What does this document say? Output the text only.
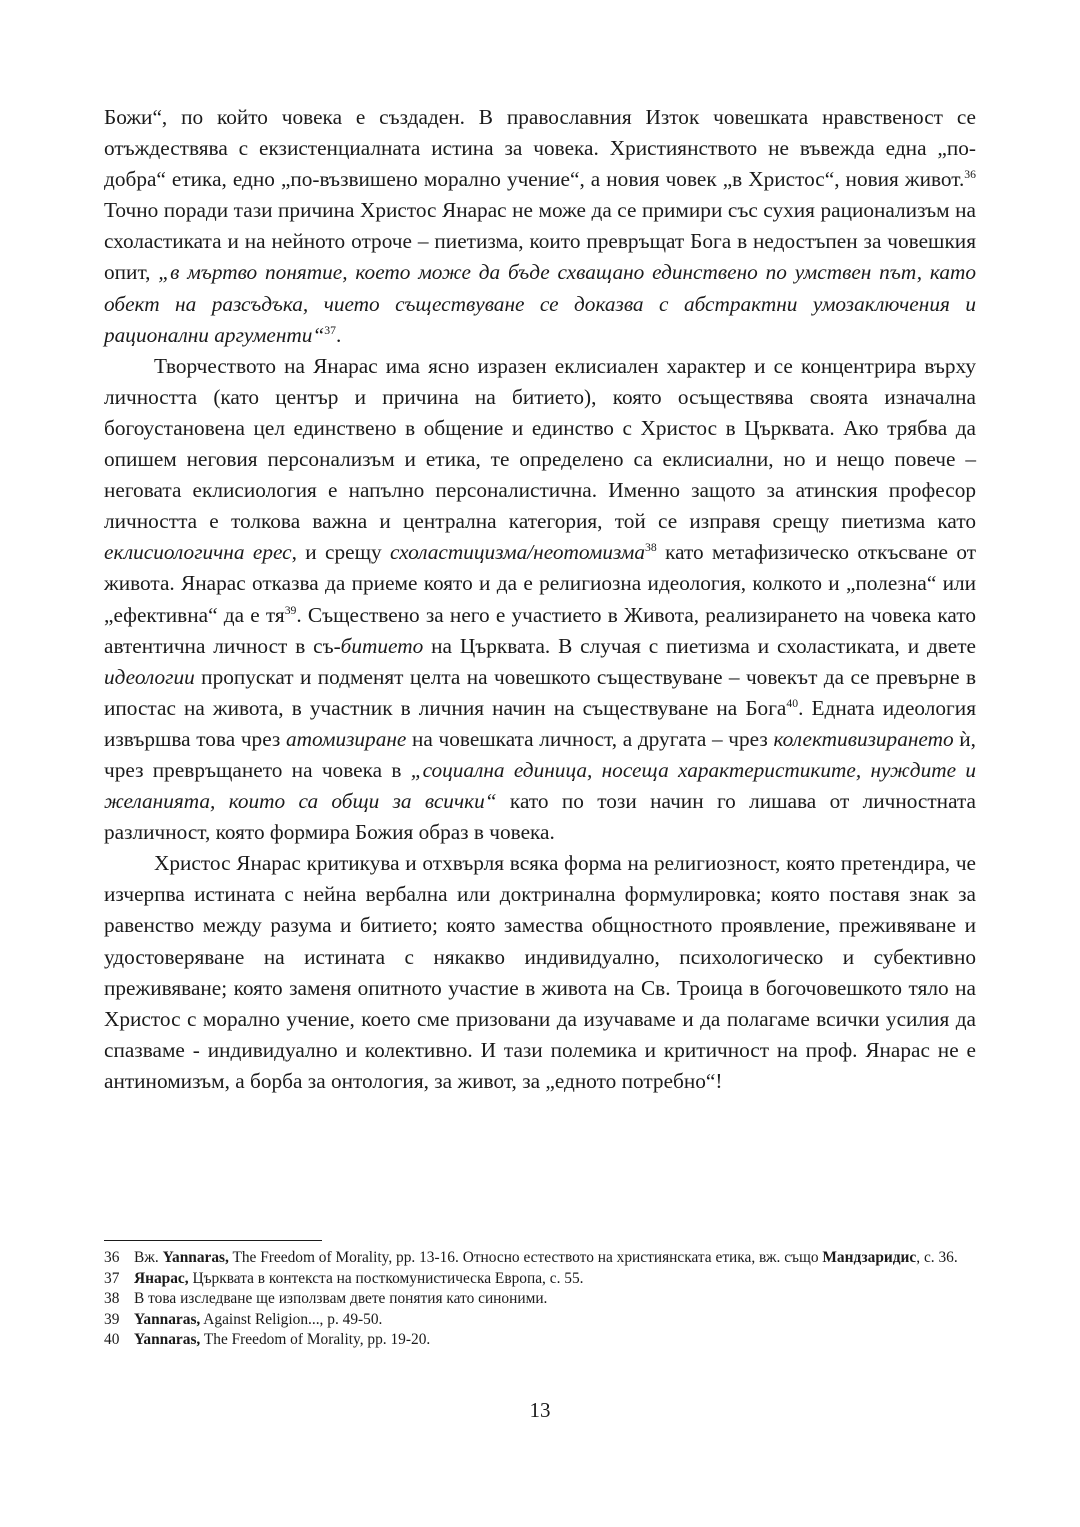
Божи“, по който човека е създаден. В православния Изток човешката нравственост се отъждествява с екзистенциалната истина за човека. Християнството не въвежда една „по-добра“ етика, едно „по-възвишено морално учение“, а новия човек „в Христос“, новия живот.$^{36}$ Точно поради тази причина Христос Янарас не може да се примири със сухия рационализъм на схоластиката и на нейното отроче – пиетизма, които превръщат Бога в недостъпен за човешкия опит, „в мъртво понятие, което може да бъде схващано единствено по умствен път, като обект на разсъдъка, чието съществуване се доказва с абстрактни умозаключения и рационални аргументи“$^{37}$.

Творчеството на Янарас има ясно изразен еклисиален характер и се концентрира върху личността (като център и причина на битието), която осъществява своята изначална богоустановена цел единствено в общение и единство с Христос в Църквата. Ако трябва да опишем неговия персонализъм и етика, те определено са еклисиални, но и нещо повече – неговата еклисиология е напълно персоналистична. Именно защото за атинския професор личността е толкова важна и централна категория, той се изправя срещу пиетизма като еклисиологична ерес, и срещу схоластицизма/неотомизма$^{38}$ като метафизическо откъсване от живота. Янарас отказва да приеме която и да е религиозна идеология, колкото и „полезна“ или „ефективна“ да е $тя^{39}$. Съществено за него е участието в Живота, реализирането на човека като автентична личност в съ-битието на Църквата. В случая с пиетизма и схоластиката, и двете идеологии пропускат и подменят целта на човешкото съществуване – човекът да се превърне в ипостас на живота, в участник в личния начин на съществуване на Бога$^{40}$. Едната идеология извършва това чрез атомизиране на човешката личност, а другата – чрез колективизирането ѝ, чрез превръщането на човека в „социална единица, носеща характеристиките, нуждите и желанията, които са общи за всички“ като по този начин го лишава от личностната различност, която формира Божия образ в човека.

Христос Янарас критикува и отхвърля всяка форма на религиозност, която претендира, че изчерпва истината с нейна вербална или доктринална формулировка; която поставя знак за равенство между разума и битието; която замества общностното проявление, преживяване и удостоверяване на истината с някакво индивидуално, психологическо и субективно преживяване; която заменя опитното участие в живота на Св. Троица в богочовешкото тяло на Христос с морално учение, което сме призовани да изучаваме и да полагаме всички усилия да спазваме - индивидуално и колективно. И тази полемика и критичност на проф. Янарас не е антиномизъм, а борба за онтология, за живот, за „едното потребно“!

36 Вж. Yannaras, The Freedom of Morality, pp. 13-16. Относно естеството на християнската етика, вж. също Мандзаридис, с. 36.
37 Янарас, Църквата в контекста на посткомунистическа Европа, с. 55.
38 В това изследване ще използвам двете понятия като синоними.
39 Yannaras, Against Religion..., p. 49-50.
40 Yannaras, The Freedom of Morality, pp. 19-20.
13
